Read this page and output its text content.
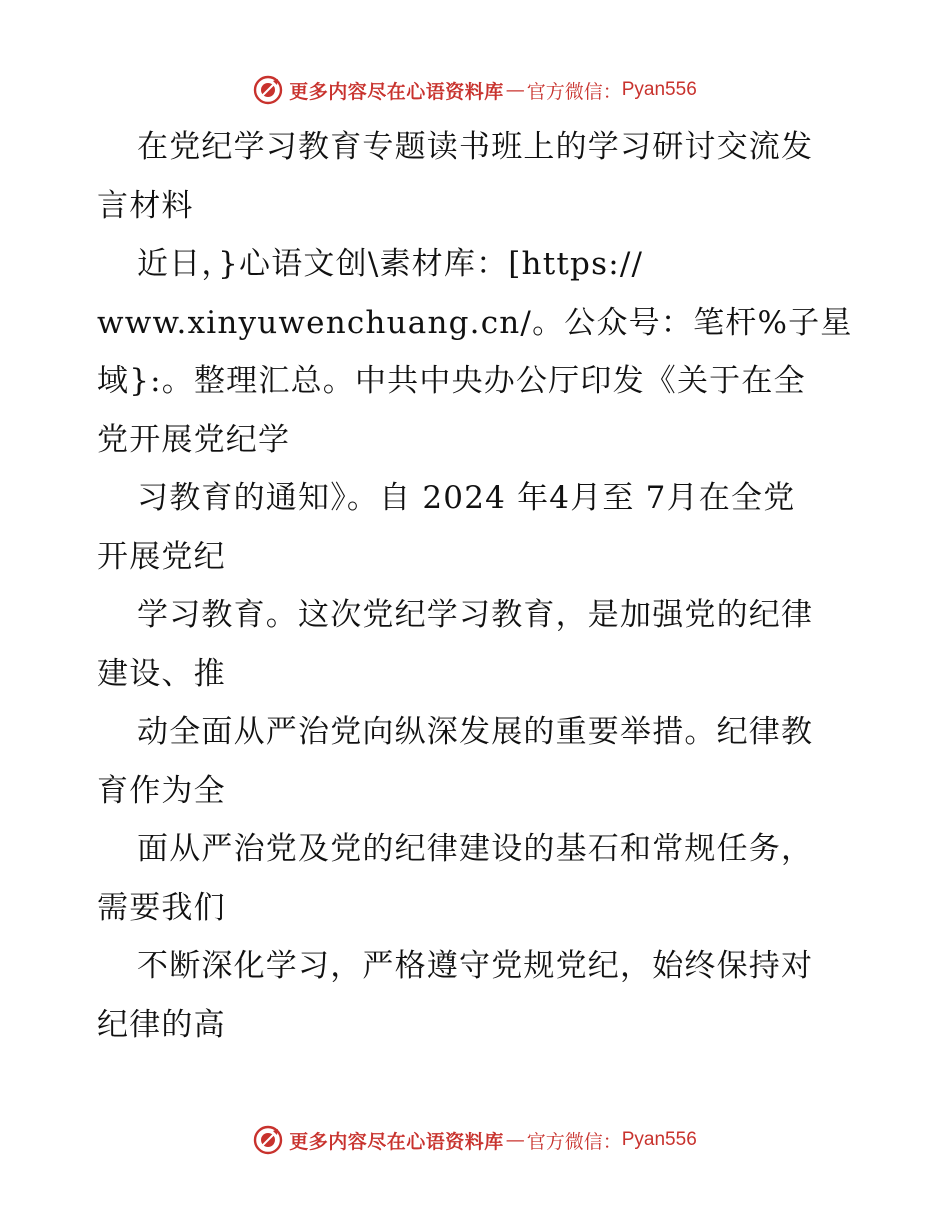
更多内容尽在心语资料库 — 官方微信： Pyan556
在党纪学习教育专题读书班上的学习研讨交流发
言材料
近日，}心语文创\素材库：[https://
www.xinyuwenchuang.cn/。公众号：笔杆%子星
域}:。整理汇总。中共中央办公厅印发《关于在全
党开展党纪学
习教育的通知》。自 2024 年4月至 7月在全党
开展党纪
学习教育。这次党纪学习教育，是加强党的纪律
建设、推
动全面从严治党向纵深发展的重要举措。纪律教
育作为全
面从严治党及党的纪律建设的基石和常规任务，
需要我们
不断深化学习，严格遵守党规党纪，始终保持对
纪律的高
更多内容尽在心语资料库 — 官方微信： Pyan556
